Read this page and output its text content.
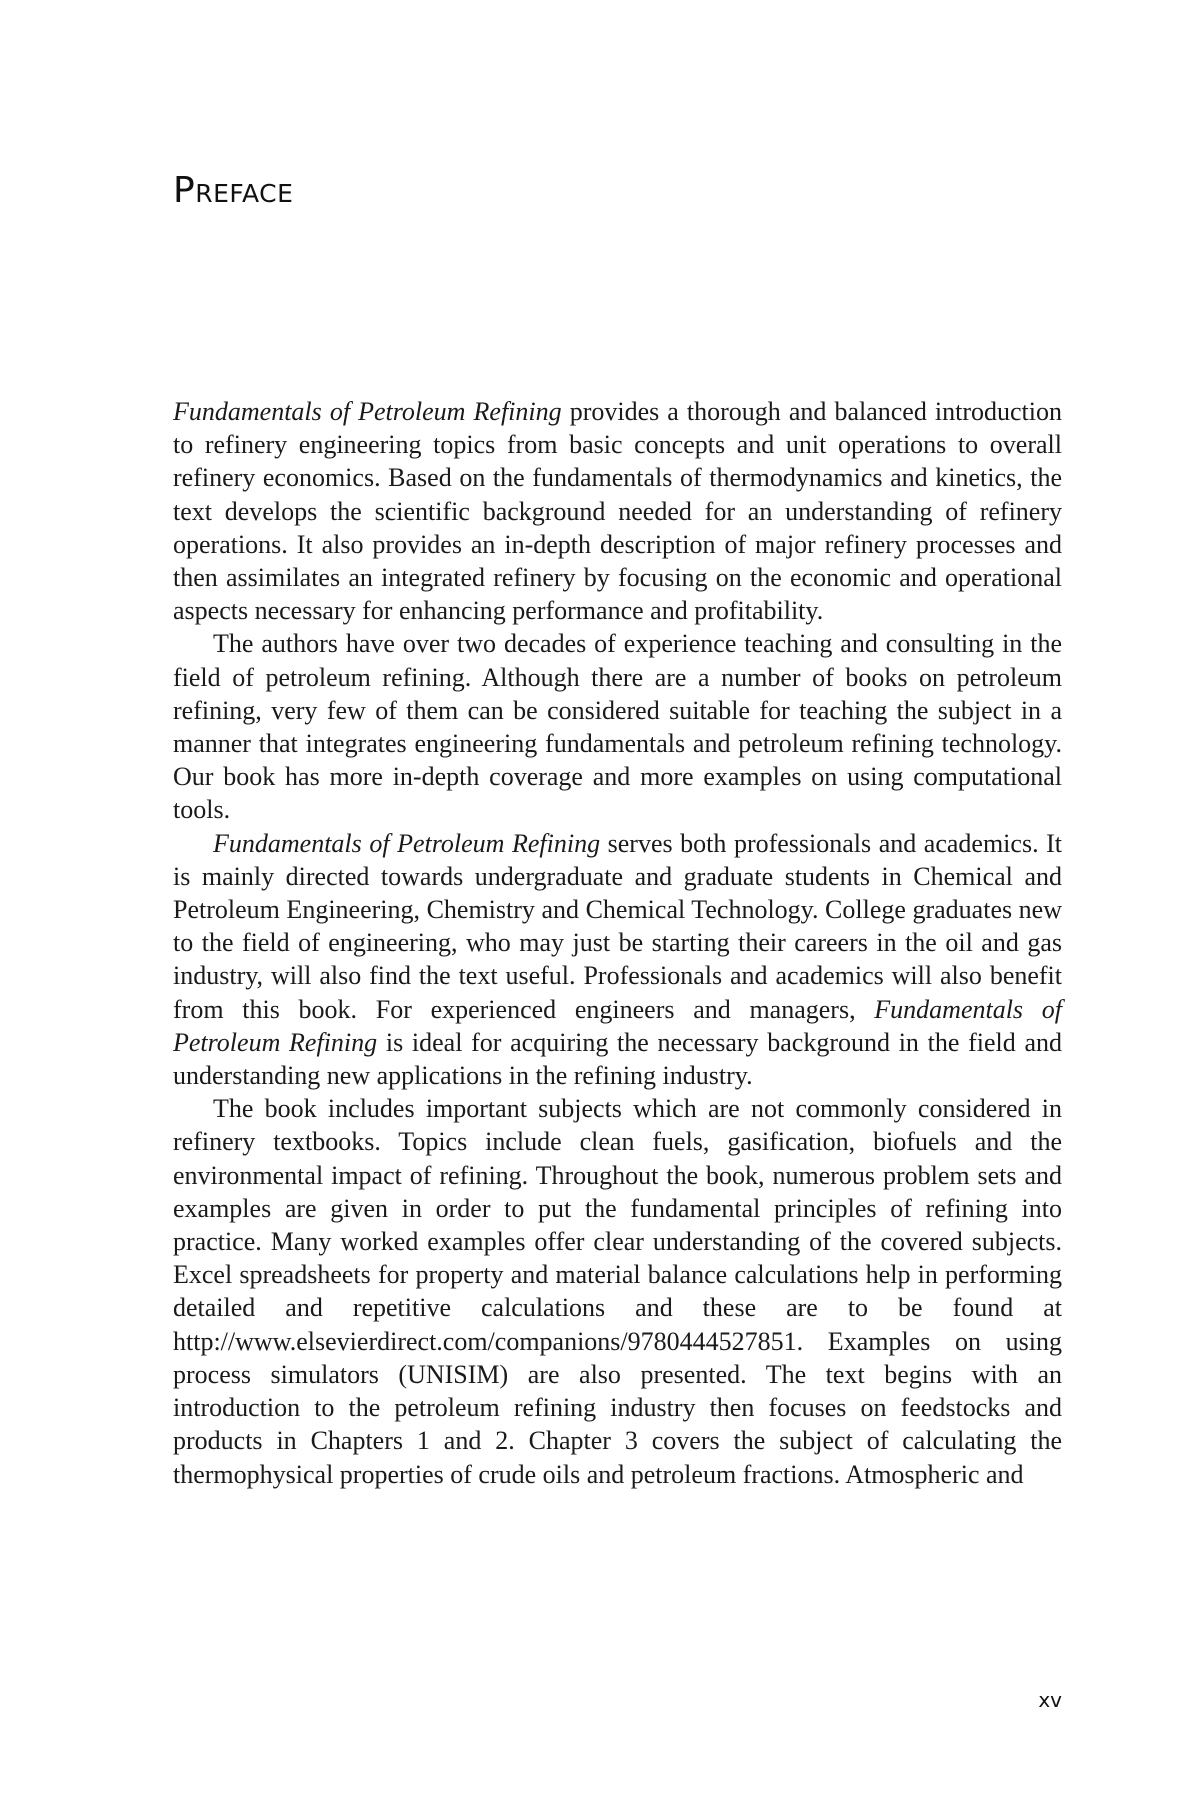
Preface

Fundamentals of Petroleum Refining provides a thorough and balanced introduction to refinery engineering topics from basic concepts and unit operations to overall refinery economics. Based on the fundamentals of thermodynamics and kinetics, the text develops the scientific background needed for an understanding of refinery operations. It also provides an in-depth description of major refinery processes and then assimilates an integrated refinery by focusing on the economic and operational aspects necessary for enhancing performance and profitability.

The authors have over two decades of experience teaching and consulting in the field of petroleum refining. Although there are a number of books on petroleum refining, very few of them can be considered suitable for teaching the subject in a manner that integrates engineering fundamentals and petroleum refining technology. Our book has more in-depth coverage and more examples on using computational tools.

Fundamentals of Petroleum Refining serves both professionals and academics. It is mainly directed towards undergraduate and graduate students in Chemical and Petroleum Engineering, Chemistry and Chemical Technology. College graduates new to the field of engineering, who may just be starting their careers in the oil and gas industry, will also find the text useful. Professionals and academics will also benefit from this book. For experienced engineers and managers, Fundamentals of Petroleum Refining is ideal for acquiring the necessary background in the field and understanding new applications in the refining industry.

The book includes important subjects which are not commonly considered in refinery textbooks. Topics include clean fuels, gasification, biofuels and the environmental impact of refining. Throughout the book, numerous problem sets and examples are given in order to put the fundamental principles of refining into practice. Many worked examples offer clear understanding of the covered subjects. Excel spreadsheets for property and material balance calculations help in performing detailed and repetitive calculations and these are to be found at http://www.elsevierdirect.com/companions/9780444527851. Examples on using process simulators (UNISIM) are also presented. The text begins with an introduction to the petroleum refining industry then focuses on feedstocks and products in Chapters 1 and 2. Chapter 3 covers the subject of calculating the thermophysical properties of crude oils and petroleum fractions. Atmospheric and

xv
